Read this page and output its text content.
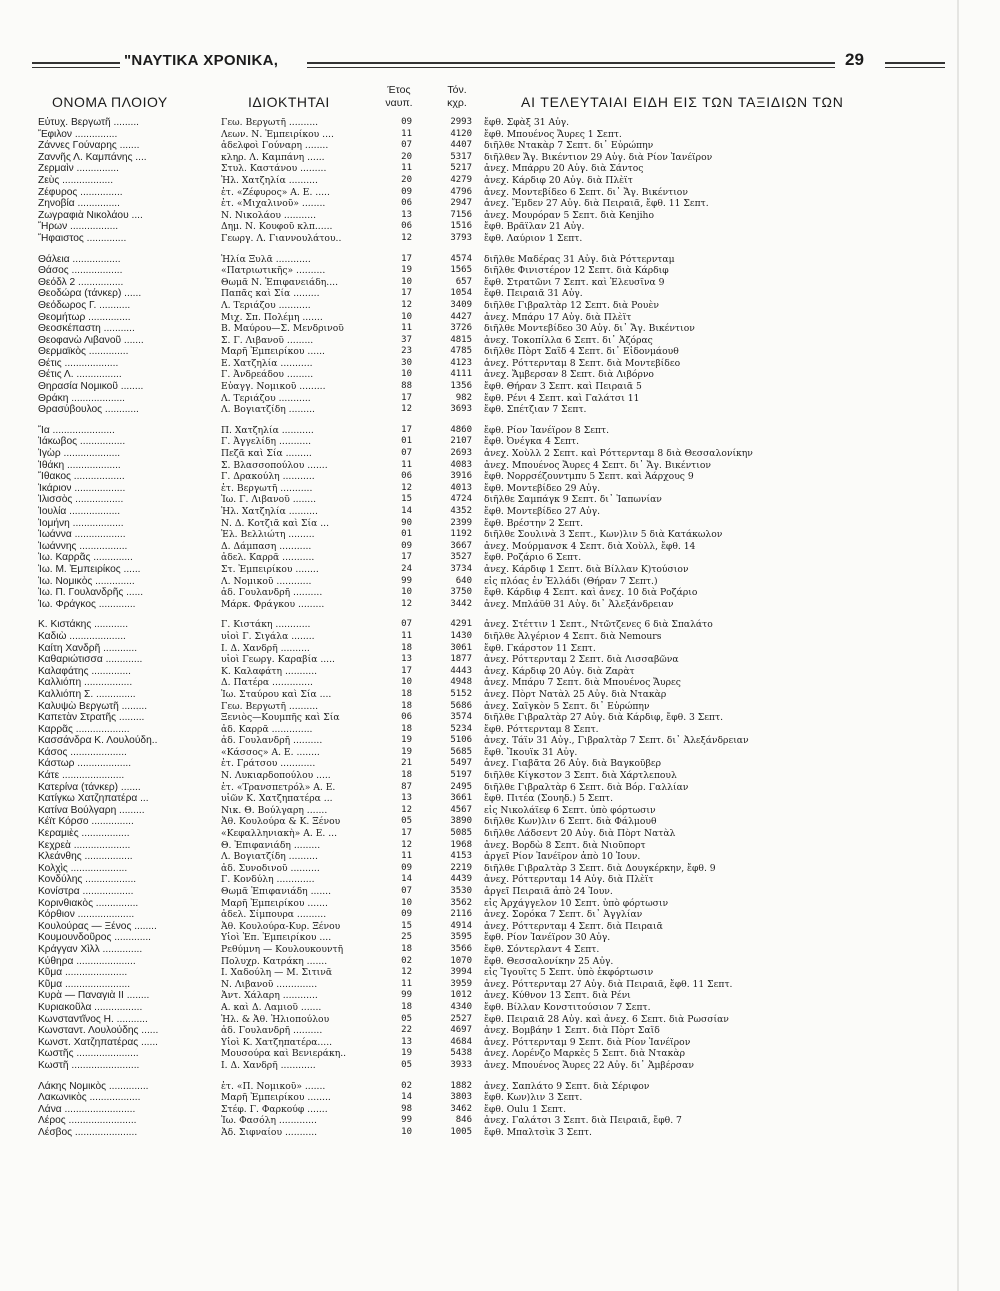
"ΝΑΥΤΙΚΑ ΧΡΟΝΙΚΑ,	29
ΟΝΟΜΑ ΠΛΟΙΟΥ	ΙΔΙΟΚΤΗΤΑΙ
Έτος
ναυπ.
Τόν.
κχρ.	ΑΙ ΤΕΛΕΥΤΑΙΑΙ ΕΙΔΗ ΕΙΣ ΤΩΝ ΤΑΞΙΔΙΩΝ ΤΩΝ
Εὐτυχ. Βεργωτῆ .........	Γεω. Βεργωτῆ ..........	09	2993 ἔφθ. Σφὰξ 31 Αὐγ.
Ἔφιλον ...............	Λεων. Ν. Ἐμπειρίκου ....	11	4120 ἔφθ. Μπουένος Ἄυρες 1 Σεπτ.
Ζάννες Γούναρης .......	ἀδελφοὶ Γούναρη ........	07	4407 διῆλθε Ντακὰρ 7 Σεπτ. δι᾽ Εὐρώπην
Ζαννῆς Λ. Καμπάνης ....	κληρ. Λ. Καμπάνη ......	20	5317 διῆλθεν Ἄγ. Βικέντιον 29 Αὐγ. διὰ Ρίον Ἰανέϊρον
Ζερμαὶν ...............	Στυλ. Καστάνου .........	11	5217 ἀνεχ. Μπάρρυ 20 Αὐγ. διὰ Σάντος
Ζεὺς ..................	Ἠλ. Χατζηλία ..........	20	4279 ἀνεχ. Κάρδιφ 20 Αὐγ. διὰ Πλὲϊτ
Ζέφυρος ...............	ἑτ. «Ζέφυρος» Α. Ε. .....	09	4796 ἀνεχ. Μοντεβίδεο 6 Σεπτ. δι᾽ Ἄγ. Βικέντιον
Ζηνοβία ...............	ἑτ. «Μιχαλινοῦ» ........	06	2947 ἀνεχ. Ἔμδεν 27 Αὐγ. διὰ Πειραιᾶ, ἔφθ. 11 Σεπτ.
Ζωγραφιὰ Νικολάου ....	Ν. Νικολάου ...........	13	7156 ἀνεχ. Μουρόραν 5 Σεπτ. διὰ Kenjiho
Ἥρων .................	Δημ. Ν. Κουφοῦ κλπ......	06	1516 ἔφθ. Βρᾶϊλαν 21 Αὐγ.
Ἥφαιστος ..............	Γεωργ. Λ. Γιαννουλάτου..	12	3793 ἔφθ. Λαύριον 1 Σεπτ.
Θάλεια .................	Ἠλία Ξυλᾶ ............	17	4574 διῆλθε Μαδέρας 31 Αὐγ. διὰ Ρόττερνταμ
Θάσος ..................	«Πατριωτικῆς» ..........	19	1565 διῆλθε Φινιστέρον 12 Σεπτ. διὰ Κάρδιφ
Θεόδλ 2 ................	Θωμᾶ Ν. Ἐπιφανειάδη....	10	657 ἔφθ. Στρατῶνι 7 Σεπτ. καὶ Ἐλευσῖνα 9
Θεοδώρα (τάνκερ) ......	Παπᾶς καὶ Σία .........	17	1054 ἔφθ. Πειραιᾶ 31 Αὐγ.
Θεόδωρος Γ. ...........	Λ. Τεριάζου ...........	12	3409 διῆλθε Γιβραλτὰρ 12 Σεπτ. διὰ Ρουὲν
Θεομήτωρ ...............	Μιχ. Σπ. Πολέμη .......	10	4427 ἀνεχ. Μπάρυ 17 Αὐγ. διὰ Πλὲϊτ
Θεοσκέπαστη ...........	Β. Μαύρου—Σ. Μενδρινοῦ	11	3726 διῆλθε Μοντεβίδεο 30 Αὐγ. δι᾽ Ἄγ. Βικέντιον
Θεοφανὼ Λιβανοῦ .......	Σ. Γ. Λιβανοῦ .........	37	4815 ἀνεχ. Τοκοπίλλα 6 Σεπτ. δι᾽ Ἀζόρας
Θερμαϊκὸς ..............	Μαρῆ Ἐμπειρίκου ......	23	4785 διῆλθε Πὸρτ Σαΐδ 4 Σεπτ. δι᾽ Εἰδονμάουθ
Θέτις ...................	Ε. Χατζηλία ...........	30	4123 ἀνεχ. Ρόττερνταμ 8 Σεπτ. διὰ Μοντεβίδεο
Θέτις Λ. ................	Γ. Ἀνδρεάδου .........	10	4111 ἀνεχ. Ἄμβερσαν 8 Σεπτ. διὰ Λιβόρνο
Θηρασία Νομικοῦ ........	Εὐαγγ. Νομικοῦ .........	88	1356 ἔφθ. Θήραν 3 Σεπτ. καὶ Πειραιᾶ 5
Θράκη ...................	Λ. Τεριάζου ...........	17	982 ἔφθ. Ρένι 4 Σεπτ. καὶ Γαλάτσι 11
Θρασύβουλος ............	Λ. Βογιατζίδη .........	12	3693 ἔφθ. Σπέτζιαν 7 Σεπτ.
Ἴα ......................	Π. Χατζηλία ...........	17	4860 ἔφθ. Ρίον Ἰανέϊρον 8 Σεπτ.
Ἰάκωβος ................	Γ. Ἀγγελίδη ...........	01	2107 ἔφθ. Ὀνέγκα 4 Σεπτ.
Ἰγὼρ ....................	Πεζᾶ καὶ Σία .........	07	2693 ἀνεχ. Χοὺλλ 2 Σεπτ. καὶ Ρόττερνταμ 8 διὰ Θεσσαλονίκην
Ἰθάκη ...................	Σ. Βλασσοπούλου .......	11	4083 ἀνεχ. Μπουένος Ἄυρες 4 Σεπτ. δι᾽ Ἄγ. Βικέντιον
Ἴθακος ..................	Γ. Δρακούλη ...........	06	3916 ἔφθ. Νορρσέζουντμπυ 5 Σεπτ. καὶ Ἀάρχους 9
Ἰκάριον ..................	ἑτ. Βεργωτῆ ...........	12	4013 ἔφθ. Μοντεβίδεο 29 Αὐγ.
Ἰλισσὸς .................	Ἰω. Γ. Λιβανοῦ ........	15	4724 διῆλθε Σαμπάγκ 9 Σεπτ. δι᾽ Ἰαπωνίαν
Ἰουλία ..................	Ἠλ. Χατζηλία ..........	14	4352 ἔφθ. Μοντεβίδεο 27 Αὐγ.
Ἰομήνη ..................	Ν. Δ. Κοτζιᾶ καὶ Σία ...	90	2399 ἔφθ. Βρέστην 2 Σεπτ.
Ἰωάννα ..................	Ἐλ. Βελλιώτη .........	01	1192 διῆλθε Σουλινὰ 3 Σεπτ., Κων)λιν 5 διὰ Κατάκωλον
Ἰωάννης .................	Δ. Δάμπαση ...........	09	3667 ἀνεχ. Μούρμανσκ 4 Σεπτ. διὰ Χοὺλλ, ἔφθ. 14
Ἰω. Καρρᾶς ..............	ἀδελ. Καρρᾶ ...........	17	3527 ἔφθ. Ροζάριο 6 Σεπτ.
Ἰω. Μ. Ἐμπειρίκος ......	Στ. Ἐμπειρίκου ........	24	3734 ἀνεχ. Κάρδιφ 1 Σεπτ. διὰ Βίλλαν Κ)τούσιον
Ἰω. Νομικὸς ..............	Λ. Νομικοῦ ............	99	640 εἰς πλόας ἐν Ἑλλάδι (Θήραν 7 Σεπτ.)
Ἰω. Π. Γουλανδρῆς ......	ἀδ. Γουλανδρῆ ..........	10	3750 ἔφθ. Κάρδιφ 4 Σεπτ. καὶ ἀνεχ. 10 διὰ Ροζάριο
Ἰω. Φράγκος .............	Μάρκ. Φράγκου .........	12	3442 ἀνεχ. Μπλάϋθ 31 Αὐγ. δι᾽ Ἀλεξάνδρειαν
Κ. Κιστάκης ............	Γ. Κιστάκη ............	07	4291 ἀνεχ. Στέττιν 1 Σεπτ., Ντῶτζενες 6 διὰ Σπαλάτο
Καδιὼ ....................	υἱοὶ Γ. Σιγάλα ........	11	1430 διῆλθε Ἀλγέριον 4 Σεπτ. διὰ Nemours
Καίτη Χανδρῆ ............	Ι. Δ. Χανδρῆ ..........	18	3061 ἔφθ. Γκάρστον 11 Σεπτ.
Καθαριώτισσα .............	υἱοὶ Γεωργ. Καραβία .....	13	1877 ἀνεχ. Ρόττερνταμ 2 Σεπτ. διὰ Λισσαβῶνα
Καλαφάτης ..............	Κ. Καλαφάτη ...........	17	4443 ἀνεχ. Κάρδιφ 20 Αὐγ. διὰ Ζαρὰτ
Καλλιόπη .................	Δ. Πατέρα ..............	10	4948 ἀνεχ. Μπάρυ 7 Σεπτ. διὰ Μπουένος Ἄυρες
Καλλιόπη Σ. ..............	Ἰω. Σταύρου καὶ Σία ....	18	5152 ἀνεχ. Πὸρτ Νατὰλ 25 Αὐγ. διὰ Ντακὰρ
Καλυψὼ Βεργωτῆ .........	Γεω. Βεργωτῆ ..........	18	5686 ἀνεχ. Σαΐγκὸν 5 Σεπτ. δι᾽ Εὐρώπην
Καπετὰν Στρατῆς .........	Ξενιὸς—Κουμπῆς καὶ Σία	06	3574 διῆλθε Γιβραλτὰρ 27 Αὐγ. διὰ Κάρδιφ, ἔφθ. 3 Σεπτ.
Καρρᾶς ...................	ἀδ. Καρρᾶ ..............	18	5234 ἔφθ. Ρόττερνταμ 8 Σεπτ.
Κασσάνδρα Κ. Λουλούδη..	ἀδ. Γουλανδρῆ ..........	19	5106 ἀνεχ. Τάϊν 31 Αὐγ., Γιβραλτὰρ 7 Σεπτ. δι᾽ Ἀλεξάνδρειαν
Κάσος ....................	«Κάσσος» Α. Ε. ........	19	5685 ἔφθ. Ἴκουϊκ 31 Αὐγ.
Κάστωρ ...................	ἑτ. Γράτσου ............	21	5497 ἀνεχ. Γιαβᾶτα 26 Αὐγ. διὰ Βαγκοῦβερ
Κάτε ......................	Ν. Λυκιαρδοπούλου .....	18	5197 διῆλθε Κίγκστον 3 Σεπτ. διὰ Χάρτλεπουλ
Κατερίνα (τάνκερ) .......	ἑτ. «Τρανσπετρόλ» Α. Ε.	87	2495 διῆλθε Γιβραλτὰρ 6 Σεπτ. διὰ Βόρ. Γαλλίαν
Κατίγκω Χατζηπατέρα ...	υἱῶν Κ. Χατζηπατέρα ...	13	3661 ἔφθ. Πιτέα (Σουηδ.) 5 Σεπτ.
Κατίνα Βούλγαρη .........	Νικ. Θ. Βούλγαρη .......	12	4567 εἰς Νικολάϊεφ 6 Σεπτ. ὑπὸ φόρτωσιν
Κέϊτ Κόρσο ...............	Ἀθ. Κουλούρα & Κ. Ξένου	05	3890 διῆλθε Κων)λιν 6 Σεπτ. διὰ Φάλμουθ
Κεραμιὲς .................	«Κεφαλληνιακὴ» Α. Ε. ...	17	5085 διῆλθε Λάδσεντ 20 Αὐγ. διὰ Πὸρτ Νατὰλ
Κεχρεὰ ....................	Θ. Ἐπιφανιάδη .........	12	1968 ἀνεχ. Βορδὼ 8 Σεπτ. διὰ Νιοῦπορτ
Κλεάνθης .................	Λ. Βογιατζίδη ..........	11	4153 ἀργεῖ Ρίον Ἰανέϊρον ἀπὸ 10 Ἰουν.
Κολχὶς ....................	ἀδ. Συνοδινοῦ ..........	09	2219 διῆλθε Γιβραλτὰρ 3 Σεπτ. διὰ Δουγκέρκην, ἔφθ. 9
Κονδύλης ..................	Γ. Κονδύλη .............	14	4439 ἀνεχ. Ρόττερνταμ 14 Αὐγ. διὰ Πλὲϊτ
Κονίστρα ..................	Θωμᾶ Ἐπιφανιάδη .......	07	3530 ἀργεῖ Πειραιᾶ ἀπὸ 24 Ἰουν.
Κορινθιακὸς ...............	Μαρῆ Ἐμπειρίκου .......	10	3562 εἰς Ἀρχάγγελον 10 Σεπτ. ὑπὸ φόρτωσιν
Κόρθιον ....................	ἀδελ. Σίμπουρα ..........	09	2116 ἀνεχ. Σορόκα 7 Σεπτ. δι᾽ Ἀγγλίαν
Κουλούρας — Ξένος ........	Ἀθ. Κουλούρα-Κυρ. Ξένου	15	4914 ἀνεχ. Ρόττερνταμ 4 Σεπτ. διὰ Πειραιᾶ
Κουμουνδοῦρος .............	Υἱοὶ Ἐπ. Ἐμπειρίκου ....	25	3595 ἔφθ. Ρίον Ἰανέϊρον 30 Αὐγ.
Κράγγαν Χὶλλ ..............	Ρεθύμνη — Κουλουκουντῆ	18	3566 ἔφθ. Σόντερλαντ 4 Σεπτ.
Κύθηρα .....................	Πολυχρ. Κατράκη .......	02	1070 ἔφθ. Θεσσαλονίκην 25 Αὐγ.
Κῦμα ......................	Ι. Χαδούλη — Μ. Σιτινᾶ	12	3994 εἰς Ἴγουϊτς 5 Σεπτ. ὑπὸ ἐκφόρτωσιν
Κῦμα .......................	Ν. Λιβανοῦ ..............	11	3959 ἀνεχ. Ρόττερνταμ 27 Αὐγ. διὰ Πειραιᾶ, ἔφθ. 11 Σεπτ.
Κυρὰ — Παναγιὰ ΙΙ ........	Ἀντ. Χάλαρη ............	99	1012 ἀνεχ. Κύθνον 13 Σεπτ. διὰ Ρένι
Κυριακοῦλα .................	Α. καὶ Δ. Λαμιοῦ .......	18	4340 ἔφθ. Βίλλαν Κονστιτούσιον 7 Σεπτ.
Κωνσταντῖνος Η. ...........	Ἠλ. & Ἀθ. Ἠλιοπούλου	05	2527 ἔφθ. Πειραιᾶ 28 Αὐγ. καὶ ἀνεχ. 6 Σεπτ. διὰ Ρωσσίαν
Κωνσταντ. Λουλούδης ......	ἀδ. Γουλανδρῆ ..........	22	4697 ἀνεχ. Βομβάην 1 Σεπτ. διὰ Πὸρτ Σαΐδ
Κωνστ. Χατζηπατέρας ......	Υἱοὶ Κ. Χατζηπατέρα.....	13	4684 ἀνεχ. Ρόττερνταμ 9 Σεπτ. διὰ Ρίον Ἰανέϊρον
Κωστῆς ......................	Μουσούρα καὶ Βενιεράκη..	19	5438 ἀνεχ. Λορένζο Μαρκὲς 5 Σεπτ. διὰ Ντακὰρ
Κωστῆ ........................	Ι. Δ. Χανδρῆ ............	05	3933 ἀνεχ. Μπουένος Ἄυρες 22 Αὐγ. δι᾽ Ἀμβέρσαν
Λάκης Νομικὸς ..............	ἑτ. «Π. Νομικοῦ» .......	02	1882 ἀνεχ. Σαπλάτο 9 Σεπτ. διὰ Σέριφον
Λακωνικὸς ..................	Μαρῆ Ἐμπειρίκου ........	14	3803 ἔφθ. Κων)λιν 3 Σεπτ.
Λάνα .........................	Στέφ. Γ. Φαρκούφ .......	98	3462 ἔφθ. Oulu 1 Σεπτ.
Λέρος ........................	Ἰω. Φασόλη .............	99	846 ἀνεχ. Γαλάτσι 3 Σεπτ. διὰ Πειραιᾶ, ἔφθ. 7
Λέσβος ......................	Ἀδ. Σιφναίου ...........	10	1005 ἔφθ. Μπαλτσὶκ 3 Σεπτ.
